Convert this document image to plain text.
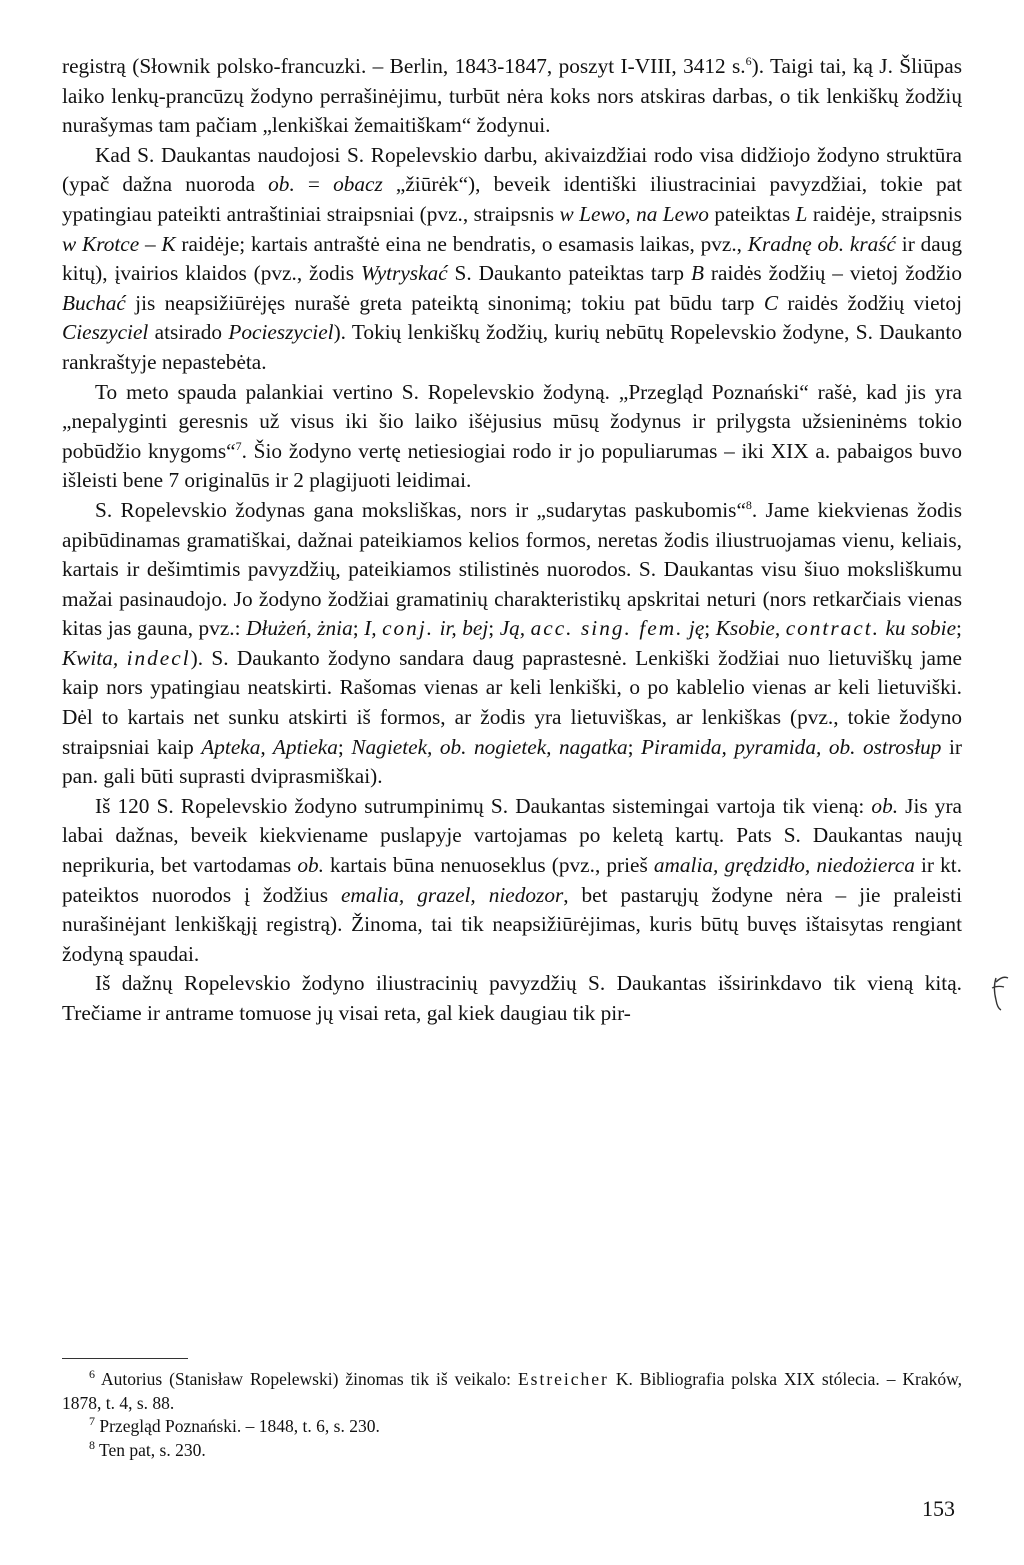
registrą (Słownik polsko-francuzki. – Berlin, 1843-1847, poszyt I-VIII, 3412 s.$^6$). Taigi tai, ką J. Šliūpas laiko lenkų-prancūzų žodyno perrašinėjimu, turbūt nėra koks nors atskiras darbas, o tik lenkiškų žodžių nurašymas tam pačiam „lenkiškai žemaitiškam“ žodynui.

Kad S. Daukantas naudojosi S. Ropelevskio darbu, akivaizdžiai rodo visa didžiojo žodyno struktūra (ypač dažna nuoroda ob. = obacz „žiūrėk“), beveik identiški iliustraciniai pavyzdžiai, tokie pat ypatingiau pateikti antraštiniai straipsniai (pvz., straipsnis w Lewo, na Lewo pateiktas L raidėje, straipsnis w Krotce – K raidėje; kartais antraštė eina ne bendratis, o esamasis laikas, pvz., Kradnę ob. kraść ir daug kitų), įvairios klaidos (pvz., žodis Wytryskać S. Daukanto pateiktas tarp B raidės žodžių – vietoj žodžio Buchać jis neapsižiūrėjęs nurašė greta pateiktą sinonimą; tokiu pat būdu tarp C raidės žodžių vietoj Cieszyciel atsirado Pocieszyciel). Tokių lenkiškų žodžių, kurių nebūtų Ropelevskio žodyne, S. Daukanto rankraštyje nepastebėta.

To meto spauda palankiai vertino S. Ropelevskio žodyną. „Przegląd Poznański“ rašė, kad jis yra „nepalyginti geresnis už visus iki šio laiko išėjusius mūsų žodynus ir prilygsta užsieninėms tokio pobūdžio knygoms“$^7$. Šio žodyno vertę netiesiogiai rodo ir jo populiarumas – iki XIX a. pabaigos buvo išleisti bene 7 originalūs ir 2 plagijuoti leidimai.

S. Ropelevskio žodynas gana moksliškas, nors ir „sudarytas paskubomis“$^8$. Jame kiekvienas žodis apibūdinamas gramatiškai, dažnai pateikiamos kelios formos, neretas žodis iliustruojamas vienu, keliais, kartais ir dešimtimis pavyzdžių, pateikiamos stilistinės nuorodos. S. Daukantas visu šiuo moksliškumu mažai pasinaudojo. Jo žodyno žodžiai gramatinių charakteristikų apskritai neturi (nors retkarčiais vienas kitas jas gauna, pvz.: Dłużeń, żnia; I, conj. ir, bej; Ją, acc. sing. fem. ję; Ksobie, contract. ku sobie; Kwita, indecl). S. Daukanto žodyno sandara daug paprastesnė. Lenkiški žodžiai nuo lietuviškų jame kaip nors ypatingiau neatskirti. Rašomas vienas ar keli lenkiški, o po kablelio vienas ar keli lietuviški. Dėl to kartais net sunku atskirti iš formos, ar žodis yra lietuviškas, ar lenkiškas (pvz., tokie žodyno straipsniai kaip Apteka, Aptieka; Nagietek, ob. nogietek, nagatka; Piramida, pyramida, ob. ostrosłup ir pan. gali būti suprasti dviprasmiškai).

Iš 120 S. Ropelevskio žodyno sutrumpinimų S. Daukantas sistemingai vartoja tik vieną: ob. Jis yra labai dažnas, beveik kiekviename puslapyje vartojamas po keletą kartų. Pats S. Daukantas naujų neprikuria, bet vartodamas ob. kartais būna nenuoseklus (pvz., prieš amalia, grędzidło, niedożierca ir kt. pateiktos nuorodos į žodžius emalia, grazel, niedozor, bet pastarųjų žodyne nėra – jie praleisti nurašinėjant lenkiškąjį registrą). Žinoma, tai tik neapsižiūrėjimas, kuris būtų buvęs ištaisytas rengiant žodyną spaudai.

Iš dažnų Ropelevskio žodyno iliustracinių pavyzdžių S. Daukantas išsirinkdavo tik vieną kitą. Trečiame ir antrame tomuose jų visai reta, gal kiek daugiau tik pir-

$^6$ Autorius (Stanisław Ropelewski) žinomas tik iš veikalo: Estreicher K. Bibliografia polska XIX stólecia. – Kraków, 1878, t. 4, s. 88.

$^7$ Przegląd Poznański. – 1848, t. 6, s. 230.

$^8$ Ten pat, s. 230.

153
